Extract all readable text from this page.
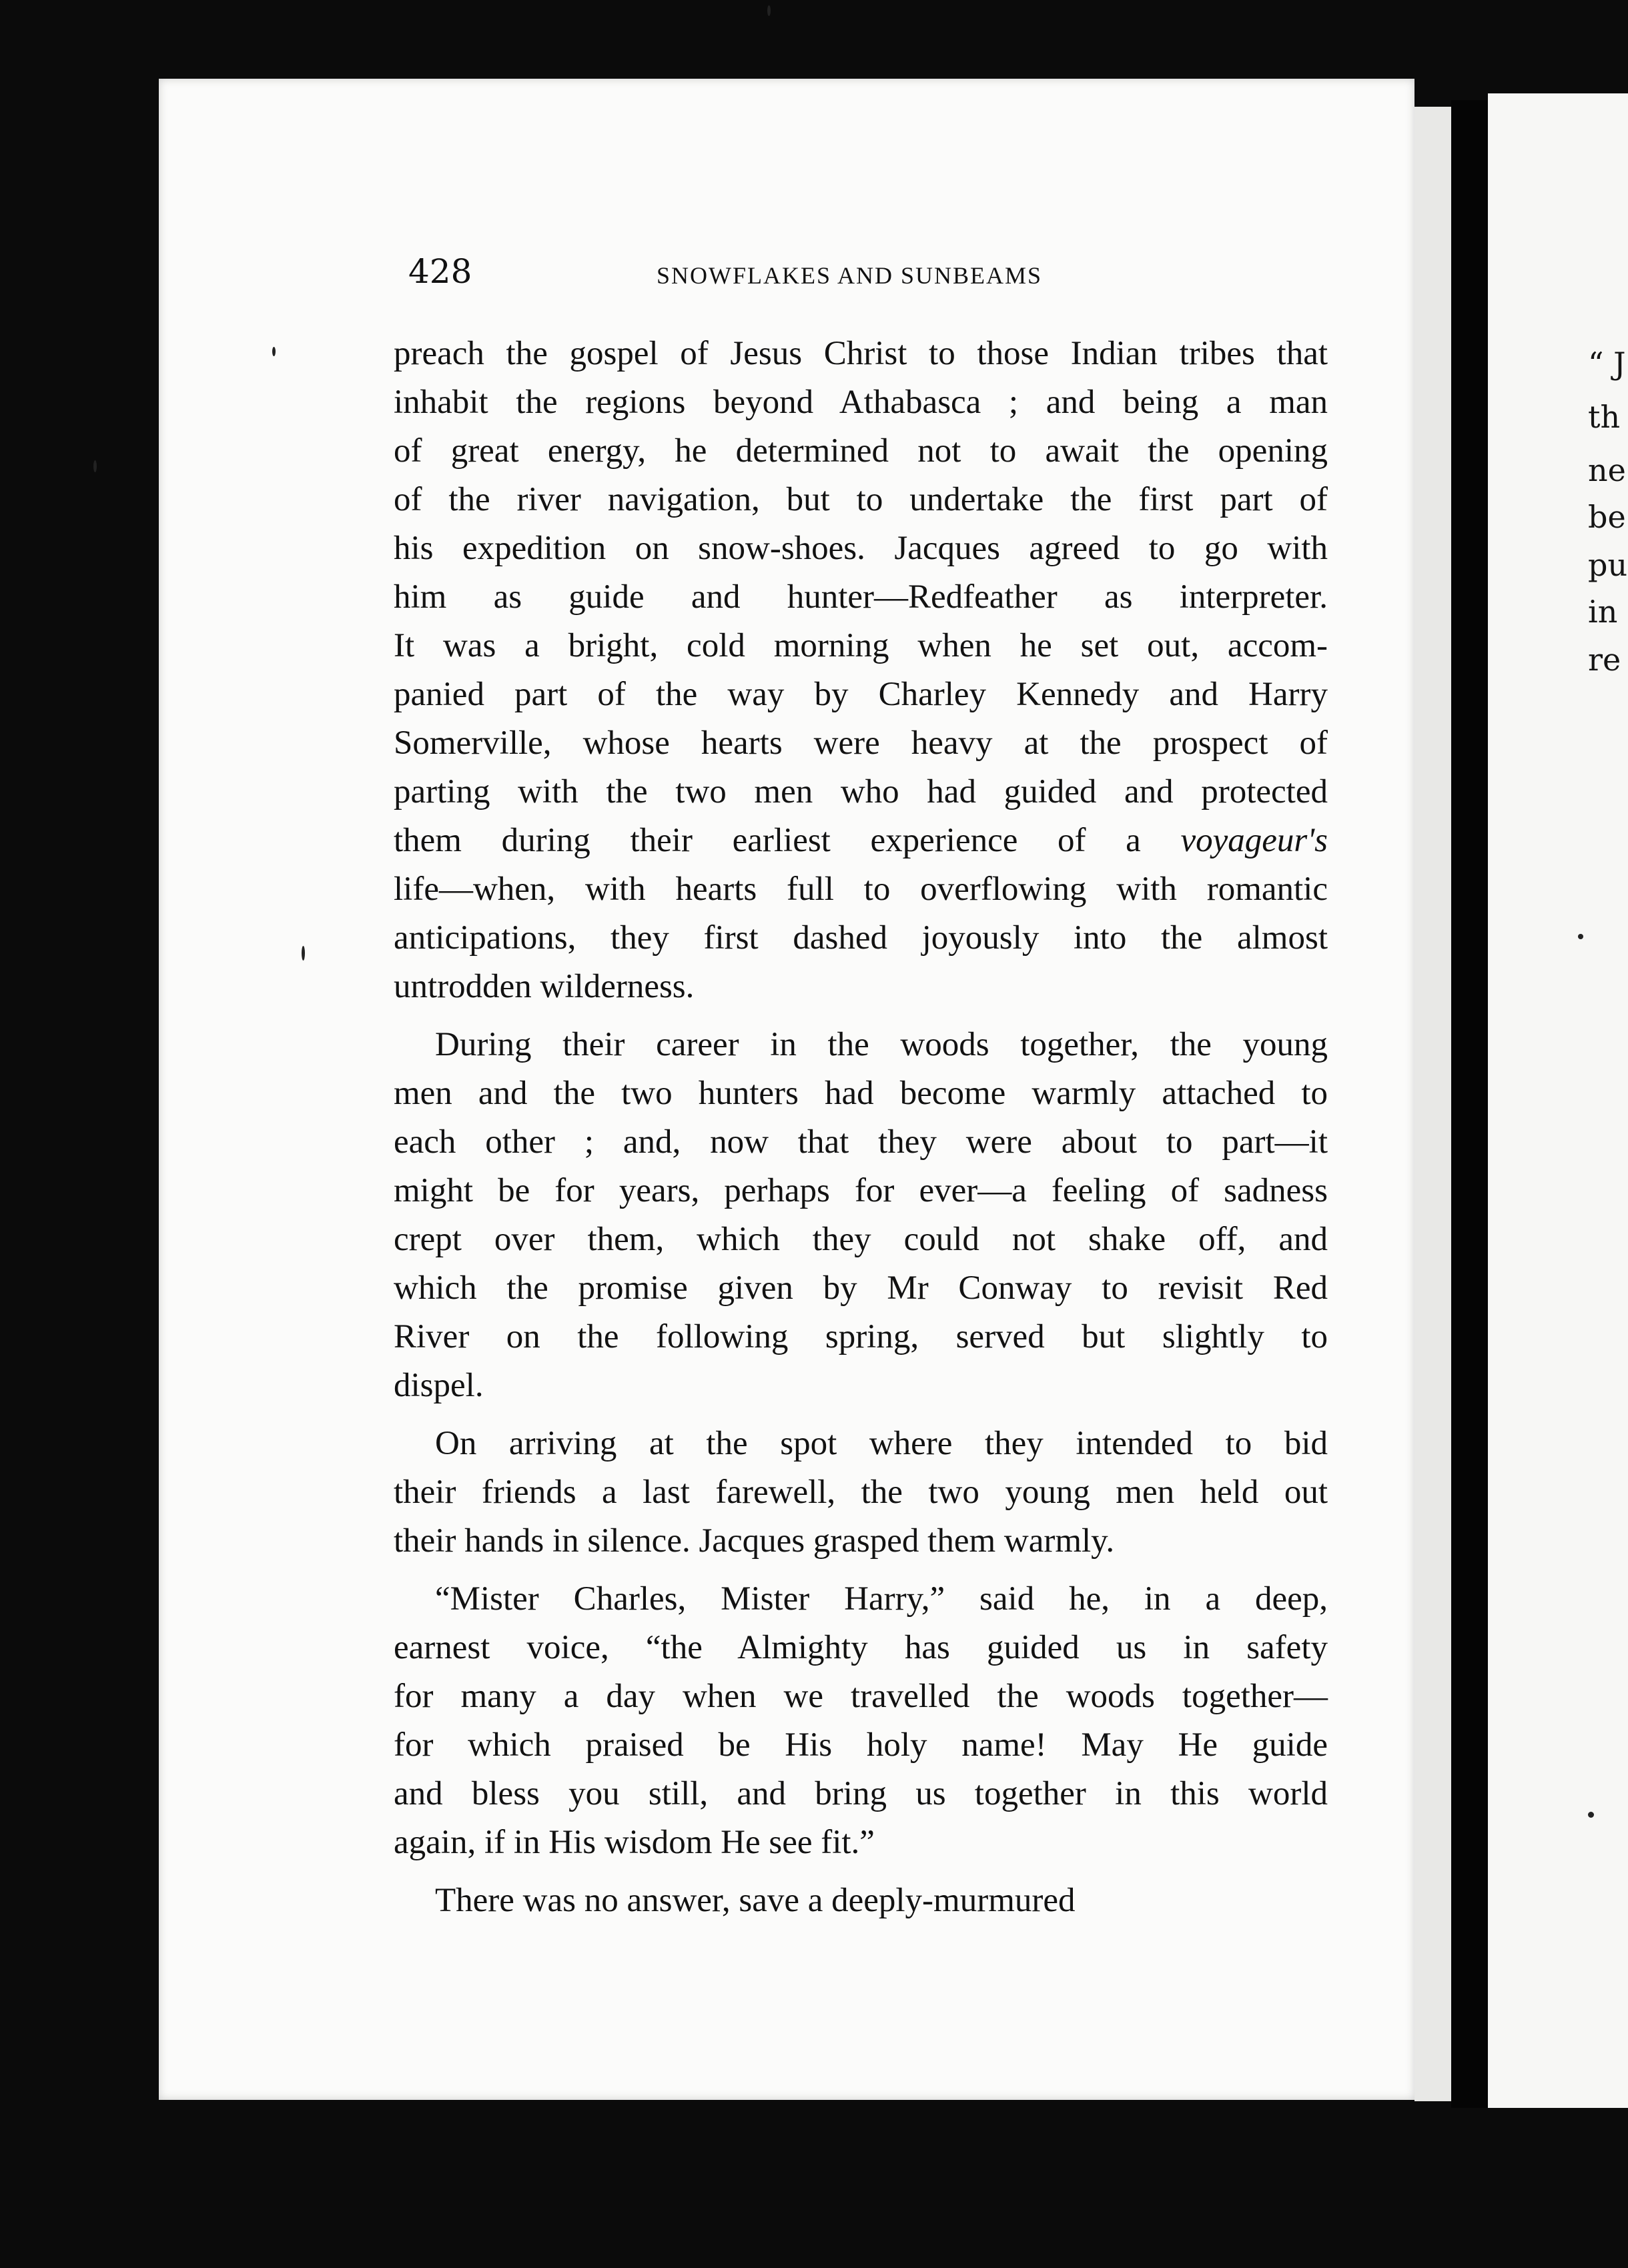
“ J
th
ne
be
pu
in
re
428	SNOWFLAKES AND SUNBEAMS
preach the gospel of Jesus Christ to those Indian tribes that
inhabit the regions beyond Athabasca ; and being a man
of great energy, he determined not to await the opening
of the river navigation, but to undertake the first part of
his expedition on snow-shoes. Jacques agreed to go with
him as guide and hunter—Redfeather as interpreter.
It was a bright, cold morning when he set out, accom-
panied part of the way by Charley Kennedy and Harry
Somerville, whose hearts were heavy at the prospect of
parting with the two men who had guided and protected
them during their earliest experience of a voyageur's
life—when, with hearts full to overflowing with romantic
anticipations, they first dashed joyously into the almost
untrodden wilderness.
During their career in the woods together, the young
men and the two hunters had become warmly attached to
each other ; and, now that they were about to part—it
might be for years, perhaps for ever—a feeling of sadness
crept over them, which they could not shake off, and
which the promise given by Mr Conway to revisit Red
River on the following spring, served but slightly to
dispel.
On arriving at the spot where they intended to bid
their friends a last farewell, the two young men held out
their hands in silence. Jacques grasped them warmly.
“Mister Charles, Mister Harry,” said he, in a deep,
earnest voice, “the Almighty has guided us in safety
for many a day when we travelled the woods together—
for which praised be His holy name! May He guide
and bless you still, and bring us together in this world
again, if in His wisdom He see fit.”
There was no answer, save a deeply-murmured
